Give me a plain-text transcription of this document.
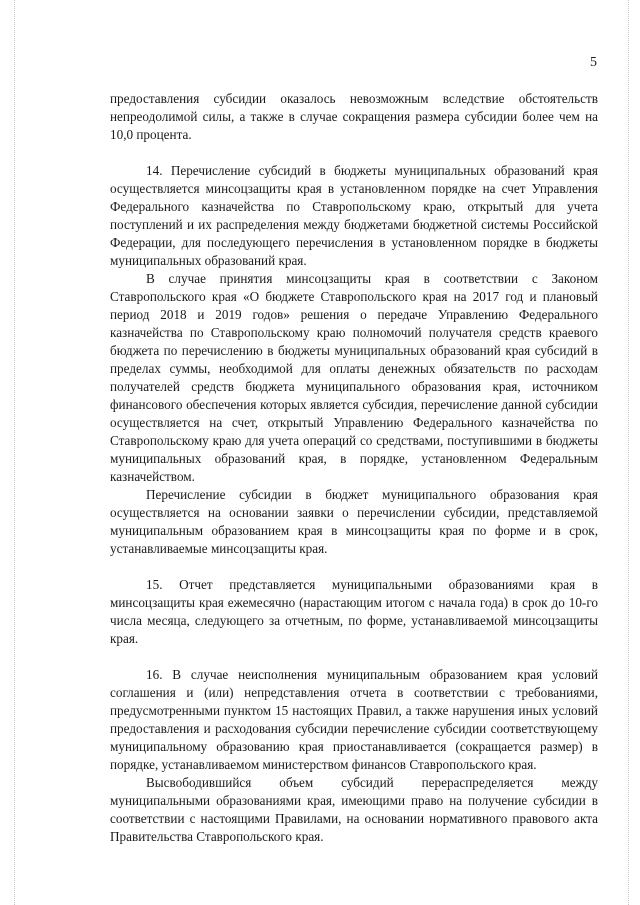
5

предоставления субсидии оказалось невозможным вследствие обстоятельств непреодолимой силы, а также в случае сокращения размера субсидии более чем на 10,0 процента.

14. Перечисление субсидий в бюджеты муниципальных образований края осуществляется минсоцзащиты края в установленном порядке на счет Управления Федерального казначейства по Ставропольскому краю, открытый для учета поступлений и их распределения между бюджетами бюджетной системы Российской Федерации, для последующего перечисления в установленном порядке в бюджеты муниципальных образований края.

В случае принятия минсоцзащиты края в соответствии с Законом Ставропольского края «О бюджете Ставропольского края на 2017 год и плановый период 2018 и 2019 годов» решения о передаче Управлению Федерального казначейства по Ставропольскому краю полномочий получателя средств краевого бюджета по перечислению в бюджеты муниципальных образований края субсидий в пределах суммы, необходимой для оплаты денежных обязательств по расходам получателей средств бюджета муниципального образования края, источником финансового обеспечения которых является субсидия, перечисление данной субсидии осуществляется на счет, открытый Управлению Федерального казначейства по Ставропольскому краю для учета операций со средствами, поступившими в бюджеты муниципальных образований края, в порядке, установленном Федеральным казначейством.

Перечисление субсидии в бюджет муниципального образования края осуществляется на основании заявки о перечислении субсидии, представляемой муниципальным образованием края в минсоцзащиты края по форме и в срок, устанавливаемые минсоцзащиты края.

15. Отчет представляется муниципальными образованиями края в минсоцзащиты края ежемесячно (нарастающим итогом с начала года) в срок до 10-го числа месяца, следующего за отчетным, по форме, устанавливаемой минсоцзащиты края.

16. В случае неисполнения муниципальным образованием края условий соглашения и (или) непредставления отчета в соответствии с требованиями, предусмотренными пунктом 15 настоящих Правил, а также нарушения иных условий предоставления и расходования субсидии перечисление субсидии соответствующему муниципальному образованию края приостанавливается (сокращается размер) в порядке, устанавливаемом министерством финансов Ставропольского края.

Высвободившийся объем субсидий перераспределяется между муниципальными образованиями края, имеющими право на получение субсидии в соответствии с настоящими Правилами, на основании нормативного правового акта Правительства Ставропольского края.
